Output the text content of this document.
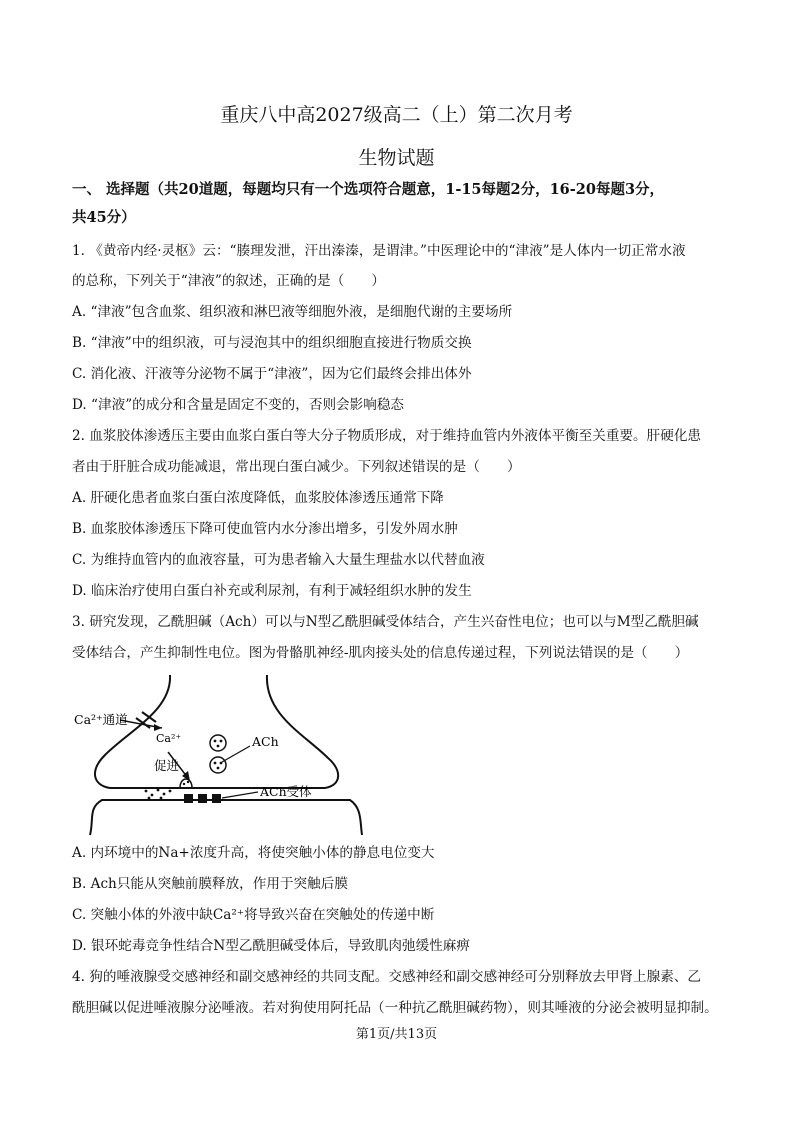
重庆八中高2027级高二（上）第二次月考
生物试题
一、 选择题（共20道题，每题均只有一个选项符合题意，1-15每题2分，16-20每题3分，
共45分）
1. 《黄帝内经·灵枢》云：“腠理发泄，汗出溱溱，是谓津。”中医理论中的“津液”是人体内一切正常水液
的总称，下列关于“津液”的叙述，正确的是（　　）
A. “津液”包含血浆、组织液和淋巴液等细胞外液，是细胞代谢的主要场所
B. “津液”中的组织液，可与浸泡其中的组织细胞直接进行物质交换
C. 消化液、汗液等分泌物不属于“津液”，因为它们最终会排出体外
D. “津液”的成分和含量是固定不变的，否则会影响稳态
2. 血浆胶体渗透压主要由血浆白蛋白等大分子物质形成，对于维持血管内外液体平衡至关重要。肝硬化患
者由于肝脏合成功能减退，常出现白蛋白减少。下列叙述错误的是（　　）
A. 肝硬化患者血浆白蛋白浓度降低，血浆胶体渗透压通常下降
B. 血浆胶体渗透压下降可使血管内水分渗出增多，引发外周水肿
C. 为维持血管内的血液容量，可为患者输入大量生理盐水以代替血液
D. 临床治疗使用白蛋白补充或利尿剂，有利于减轻组织水肿的发生
3. 研究发现，乙酰胆碱（Ach）可以与N型乙酰胆碱受体结合，产生兴奋性电位；也可以与M型乙酰胆碱
受体结合，产生抑制性电位。图为骨骼肌神经-肌肉接头处的信息传递过程，下列说法错误的是（　　）
Ca²⁺通道
Ca²⁺	ACh
促进
ACh受体
A. 内环境中的Na+浓度升高，将使突触小体的静息电位变大
B. Ach只能从突触前膜释放，作用于突触后膜
C. 突触小体的外液中缺Ca²⁺将导致兴奋在突触处的传递中断
D. 银环蛇毒竞争性结合N型乙酰胆碱受体后，导致肌肉弛缓性麻痹
4. 狗的唾液腺受交感神经和副交感神经的共同支配。交感神经和副交感神经可分别释放去甲肾上腺素、乙
酰胆碱以促进唾液腺分泌唾液。若对狗使用阿托品（一种抗乙酰胆碱药物），则其唾液的分泌会被明显抑制。
第1页/共13页
